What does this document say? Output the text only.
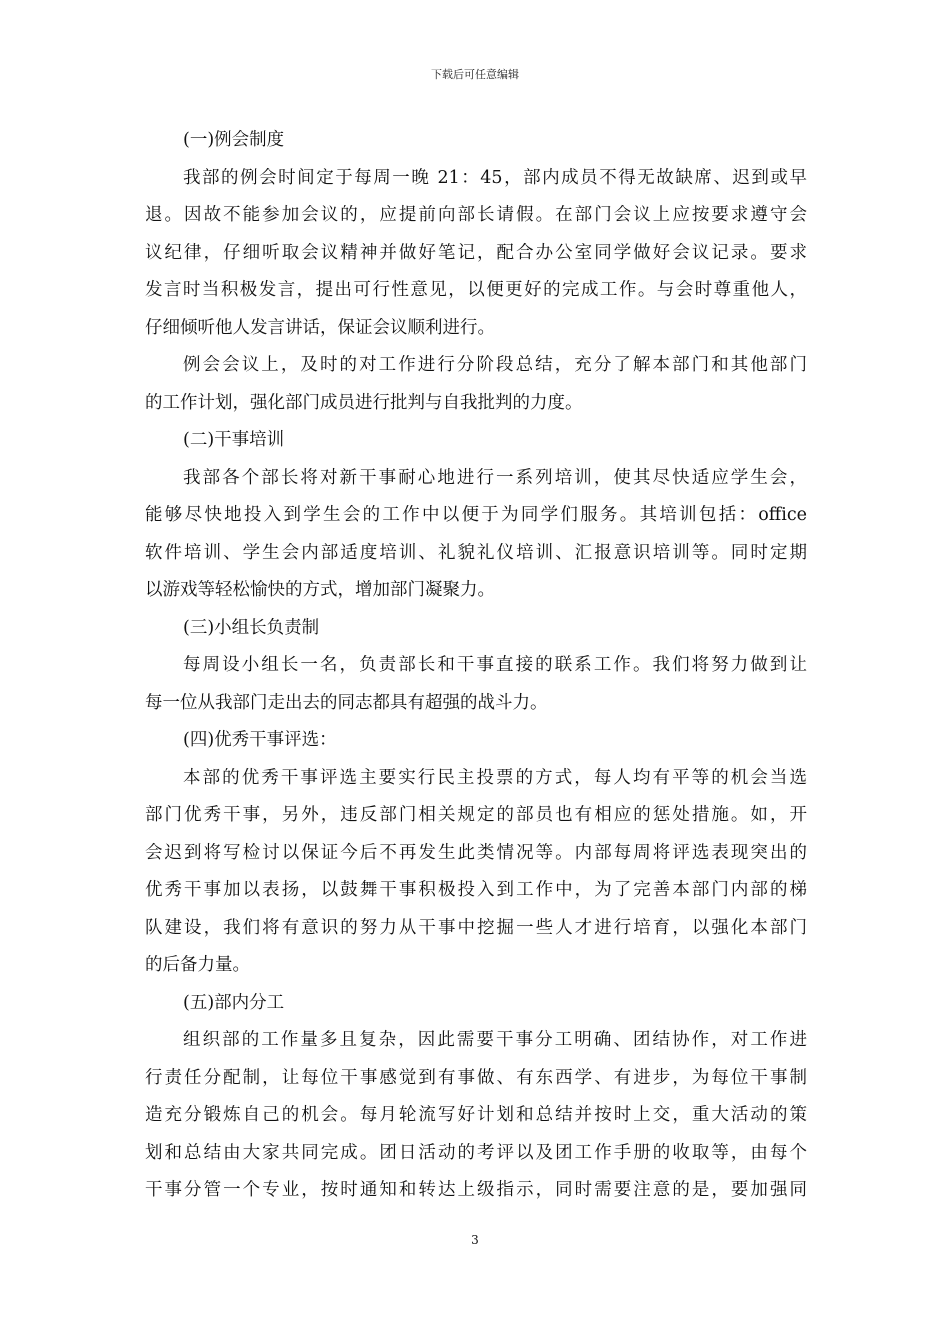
下载后可任意编辑
(一)例会制度
我部的例会时间定于每周一晚 21：45，部内成员不得无故缺席、迟到或早
退。因故不能参加会议的，应提前向部长请假。在部门会议上应按要求遵守会
议纪律，仔细听取会议精神并做好笔记，配合办公室同学做好会议记录。要求
发言时当积极发言，提出可行性意见，以便更好的完成工作。与会时尊重他人，
仔细倾听他人发言讲话，保证会议顺利进行。
例会会议上，及时的对工作进行分阶段总结，充分了解本部门和其他部门
的工作计划，强化部门成员进行批判与自我批判的力度。
(二)干事培训
我部各个部长将对新干事耐心地进行一系列培训，使其尽快适应学生会，
能够尽快地投入到学生会的工作中以便于为同学们服务。其培训包括：office
软件培训、学生会内部适度培训、礼貌礼仪培训、汇报意识培训等。同时定期
以游戏等轻松愉快的方式，增加部门凝聚力。
(三)小组长负责制
每周设小组长一名，负责部长和干事直接的联系工作。我们将努力做到让
每一位从我部门走出去的同志都具有超强的战斗力。
(四)优秀干事评选：
本部的优秀干事评选主要实行民主投票的方式，每人均有平等的机会当选
部门优秀干事，另外，违反部门相关规定的部员也有相应的惩处措施。如，开
会迟到将写检讨以保证今后不再发生此类情况等。内部每周将评选表现突出的
优秀干事加以表扬，以鼓舞干事积极投入到工作中，为了完善本部门内部的梯
队建设，我们将有意识的努力从干事中挖掘一些人才进行培育，以强化本部门
的后备力量。
(五)部内分工
组织部的工作量多且复杂，因此需要干事分工明确、团结协作，对工作进
行责任分配制，让每位干事感觉到有事做、有东西学、有进步，为每位干事制
造充分锻炼自己的机会。每月轮流写好计划和总结并按时上交，重大活动的策
划和总结由大家共同完成。团日活动的考评以及团工作手册的收取等，由每个
干事分管一个专业，按时通知和转达上级指示，同时需要注意的是，要加强同
3
